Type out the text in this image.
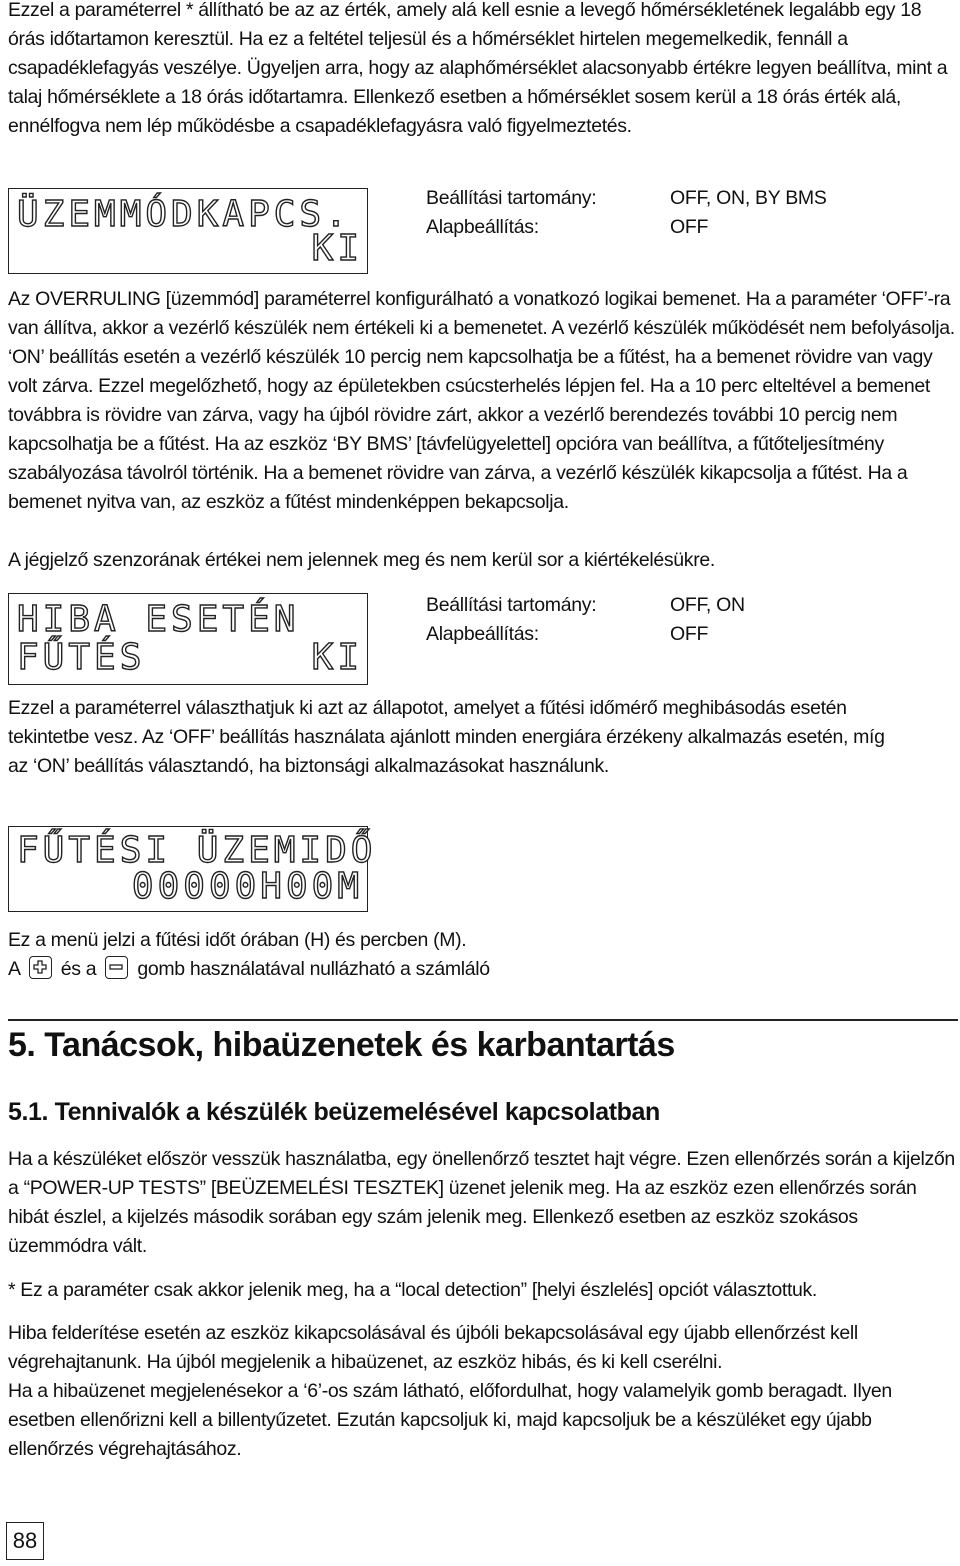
Ezzel a paraméterrel * állítható be az az érték, amely alá kell esnie a levegő hőmérsékletének legalább egy 18 órás időtartamon keresztül. Ha ez a feltétel teljesül és a hőmérséklet hirtelen megemelkedik, fennáll a csapadéklefagyás veszélye. Ügyeljen arra, hogy az alaphőmérséklet alacsonyabb értékre legyen beállítva, mint a talaj hőmérséklete a 18 órás időtartamra. Ellenkező esetben a hőmérséklet sosem kerül a 18 órás érték alá, ennélfogva nem lép működésbe a csapadéklefagyásra való figyelmeztetés.

ÜZEMMÓDKAPCS.
KI
Beállítási tartomány:	OFF, ON, BY BMS
Alapbeállítás:	OFF

Az OVERRULING [üzemmód] paraméterrel konfigurálható a vonatkozó logikai bemenet. Ha a paraméter ‘OFF’-ra van állítva, akkor a vezérlő készülék nem értékeli ki a bemenetet. A vezérlő készülék működését nem befolyásolja. ‘ON’ beállítás esetén a vezérlő készülék 10 percig nem kapcsolhatja be a fűtést, ha a bemenet rövidre van vagy volt zárva. Ezzel megelőzhető, hogy az épületekben csúcsterhelés lépjen fel. Ha a 10 perc elteltével a bemenet továbbra is rövidre van zárva, vagy ha újból rövidre zárt, akkor a vezérlő berendezés további 10 percig nem kapcsolhatja be a fűtést. Ha az eszköz ‘BY BMS’ [távfelügyelettel] opcióra van beállítva, a fűtőteljesítmény szabályozása távolról történik. Ha a bemenet rövidre van zárva, a vezérlő készülék kikapcsolja a fűtést. Ha a bemenet nyitva van, az eszköz a fűtést mindenképpen bekapcsolja.

A jégjelző szenzorának értékei nem jelennek meg és nem kerül sor a kiértékelésükre.

HIBA ESETÉN
FŰTÉS	KI
Beállítási tartomány:	OFF, ON
Alapbeállítás:	OFF

Ezzel a paraméterrel választhatjuk ki azt az állapotot, amelyet a fűtési időmérő meghibásodás esetén tekintetbe vesz. Az ‘OFF’ beállítás használata ajánlott minden energiára érzékeny alkalmazás esetén, míg az ‘ON’ beállítás választandó, ha biztonsági alkalmazásokat használunk.

FŰTÉSI ÜZEMIDŐ
00000H00M

Ez a menü jelzi a fűtési időt órában (H) és percben (M).

A és a gomb használatával nullázható a számláló
5. Tanácsok, hibaüzenetek és karbantartás
5.1. Tennivalók a készülék beüzemelésével kapcsolatban

Ha a készüléket először vesszük használatba, egy önellenőrző tesztet hajt végre. Ezen ellenőrzés során a kijelzőn a “POWER-UP TESTS” [BEÜZEMELÉSI TESZTEK] üzenet jelenik meg. Ha az eszköz ezen ellenőrzés során hibát észlel, a kijelzés második sorában egy szám jelenik meg. Ellenkező esetben az eszköz szokásos üzemmódra vált.

* Ez a paraméter csak akkor jelenik meg, ha a “local detection” [helyi észlelés] opciót választottuk.

Hiba felderítése esetén az eszköz kikapcsolásával és újbóli bekapcsolásával egy újabb ellenőrzést kell végrehajtanunk. Ha újból megjelenik a hibaüzenet, az eszköz hibás, és ki kell cserélni.

Ha a hibaüzenet megjelenésekor a ‘6’-os szám látható, előfordulhat, hogy valamelyik gomb beragadt. Ilyen esetben ellenőrizni kell a billentyűzetet. Ezután kapcsoljuk ki, majd kapcsoljuk be a készüléket egy újabb ellenőrzés végrehajtásához.

88
